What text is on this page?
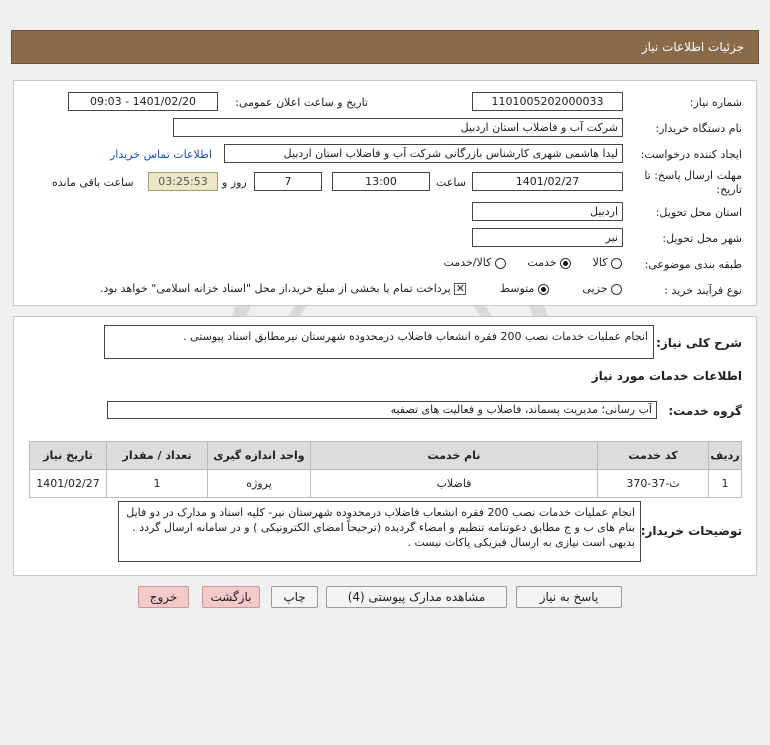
جزئیات اطلاعات نیاز
شماره نیاز:
1101005202000033
تاریخ و ساعت اعلان عمومی:
1401/02/20 - 09:03
نام دستگاه خریدار:
شرکت آب و فاضلاب استان اردبیل
ایجاد کننده درخواست:
لیدا هاشمی شهری کارشناس بازرگانی شرکت آب و فاضلاب استان اردبیل
اطلاعات تماس خریدار
مهلت ارسال پاسخ: تا
تاریخ:
1401/02/27
ساعت
13:00
7
روز و
03:25:53
ساعت باقی مانده
استان محل تحویل:
اردبیل
شهر محل تحویل:
نیر
طبقه بندی موضوعی:
کالا  خدمت  کالا/خدمت
نوع فرآیند خرید :
جزیی  متوسط ✕ پرداخت تمام یا بخشی از مبلغ خرید،از محل "اسناد خزانه اسلامی" خواهد بود.
شرح کلی نیاز:
انجام عملیات خدمات نصب 200 فقره انشعاب فاضلاب درمحدوده شهرستان نیرمطابق اسناد پیوستی .
اطلاعات خدمات مورد نیاز
گروه خدمت:
آب رسانی؛ مدیریت پسماند، فاضلاب و فعالیت های تصفیه
ردیف	کد خدمت	نام خدمت	واحد اندازه گیری	تعداد / مقدار	تاریخ نیاز
1	ث-37-370	فاضلاب	پروژه	1	1401/02/27
توضیحات خریدار:
انجام عملیات خدمات نصب 200 فقره انشعاب فاضلاب درمحدوده شهرستان نیر- کلیه اسناد و مدارک در دو فایل بنام های ب و ج مطابق دعوتنامه تنظیم و امضاء گردیده (ترجیحاً امضای الکترونیکی ) و در سامانه ارسال گردد . بدیهی است نیازی به ارسال فیزیکی پاکات نیست .
پاسخ به نیاز
مشاهده مدارک پیوستی (4)
چاپ
بازگشت
خروج
